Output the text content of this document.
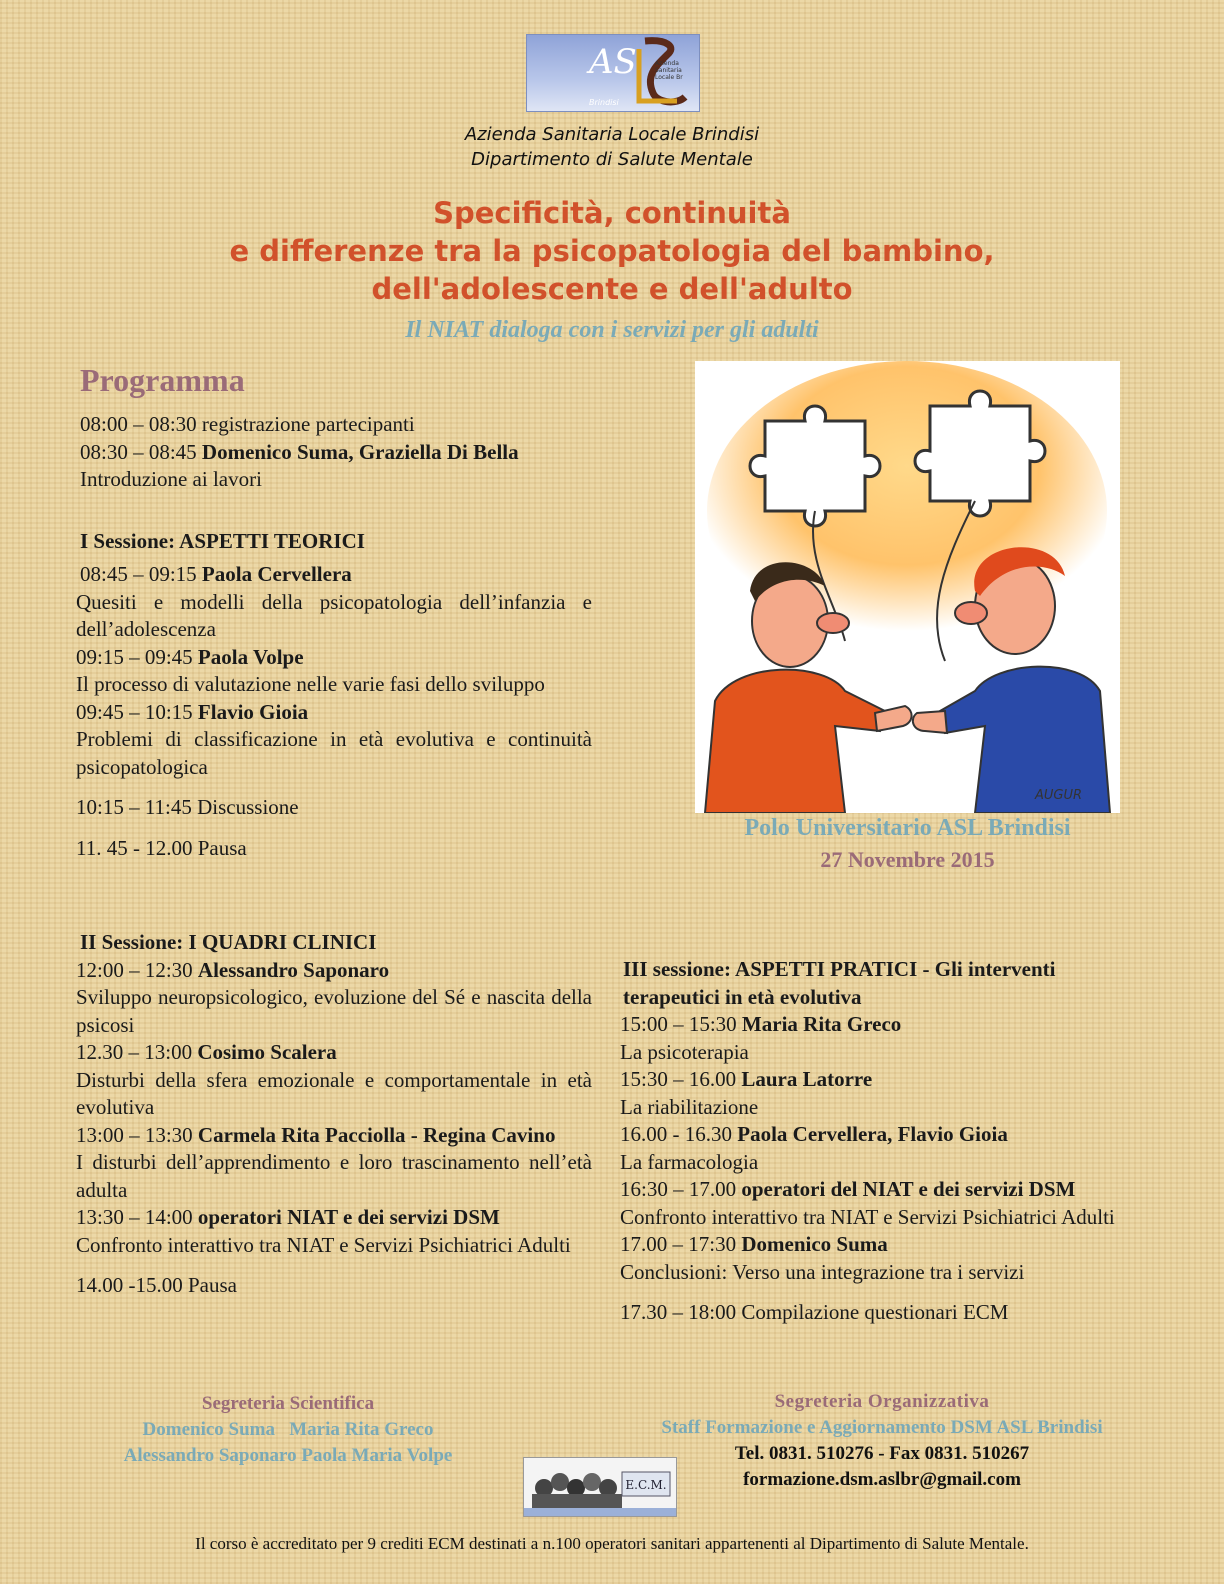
AS	Azienda
Sanitaria
Locale Br
Brindisi
Azienda Sanitaria Locale Brindisi
Dipartimento di Salute Mentale
Specificità, continuità
e differenze tra la psicopatologia del bambino,
dell'adolescente e dell'adulto
Il NIAT dialoga con i servizi per gli adulti
Programma
08:00 – 08:30 registrazione partecipanti
08:30 – 08:45 Domenico Suma, Graziella Di Bella
Introduzione ai lavori
I Sessione: ASPETTI TEORICI
08:45 – 09:15 Paola Cervellera
Quesiti e modelli della psicopatologia dell’infanzia e dell’adolescenza
09:15 – 09:45 Paola Volpe
Il processo di valutazione nelle varie fasi dello sviluppo
09:45 – 10:15 Flavio Gioia
Problemi di classificazione in età evolutiva e continuità psicopatologica
10:15 – 11:45 Discussione
11. 45 - 12.00 Pausa
II Sessione: I QUADRI CLINICI
12:00 – 12:30 Alessandro Saponaro
Sviluppo neuropsicologico, evoluzione del Sé e nascita della psicosi
12.30 – 13:00 Cosimo Scalera
Disturbi della sfera emozionale e comportamentale in età evolutiva
13:00 – 13:30 Carmela Rita Pacciolla - Regina Cavino
I disturbi dell’apprendimento e loro trascinamento nell’età adulta
13:30 – 14:00 operatori NIAT e dei servizi DSM
Confronto interattivo tra NIAT e Servizi Psichiatrici Adulti
14.00 -15.00 Pausa
AUGUR
Polo Universitario ASL Brindisi
27 Novembre 2015
III sessione: ASPETTI PRATICI - Gli interventi terapeutici in età evolutiva
15:00 – 15:30 Maria Rita Greco
La psicoterapia
15:30 – 16.00 Laura Latorre
La riabilitazione
16.00 - 16.30 Paola Cervellera, Flavio Gioia
La farmacologia
16:30 – 17.00 operatori del NIAT e dei servizi DSM
Confronto interattivo tra NIAT e Servizi Psichiatrici Adulti
17.00 – 17:30 Domenico Suma
Conclusioni: Verso una integrazione tra i servizi
17.30 – 18:00 Compilazione questionari ECM
Segreteria Scientifica
Domenico Suma   Maria Rita Greco
Alessandro Saponaro Paola Maria Volpe
Segreteria Organizzativa
Staff Formazione e Aggiornamento DSM ASL Brindisi
Tel. 0831. 510276 - Fax 0831. 510267
formazione.dsm.aslbr@gmail.com
E.C.M.
Il corso è accreditato per 9 crediti ECM destinati a n.100 operatori sanitari appartenenti al Dipartimento di Salute Mentale.
